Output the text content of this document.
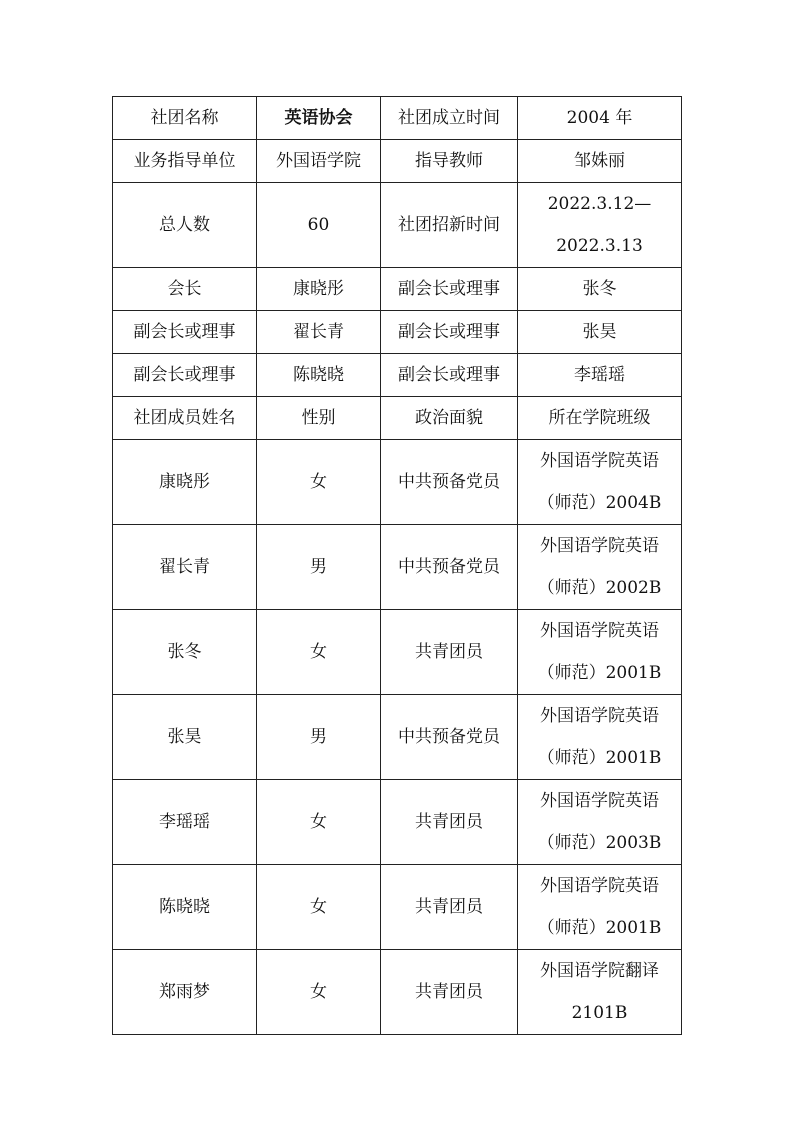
社团名称	英语协会	社团成立时间	2004 年
业务指导单位	外国语学院	指导教师	邹姝丽
总人数	60	社团招新时间	2022.3.12—
2022.3.13

会长	康晓彤	副会长或理事	张冬
副会长或理事	翟长青	副会长或理事	张昊
副会长或理事	陈晓晓	副会长或理事	李瑶瑶
社团成员姓名	性别	政治面貌	所在学院班级
康晓彤	女	中共预备党员	外国语学院英语
（师范）2004B

翟长青	男	中共预备党员	外国语学院英语
（师范）2002B

张冬	女	共青团员	外国语学院英语
（师范）2001B

张昊	男	中共预备党员	外国语学院英语
（师范）2001B

李瑶瑶	女	共青团员	外国语学院英语
（师范）2003B

陈晓晓	女	共青团员	外国语学院英语
（师范）2001B

郑雨梦	女	共青团员	外国语学院翻译
2101B
